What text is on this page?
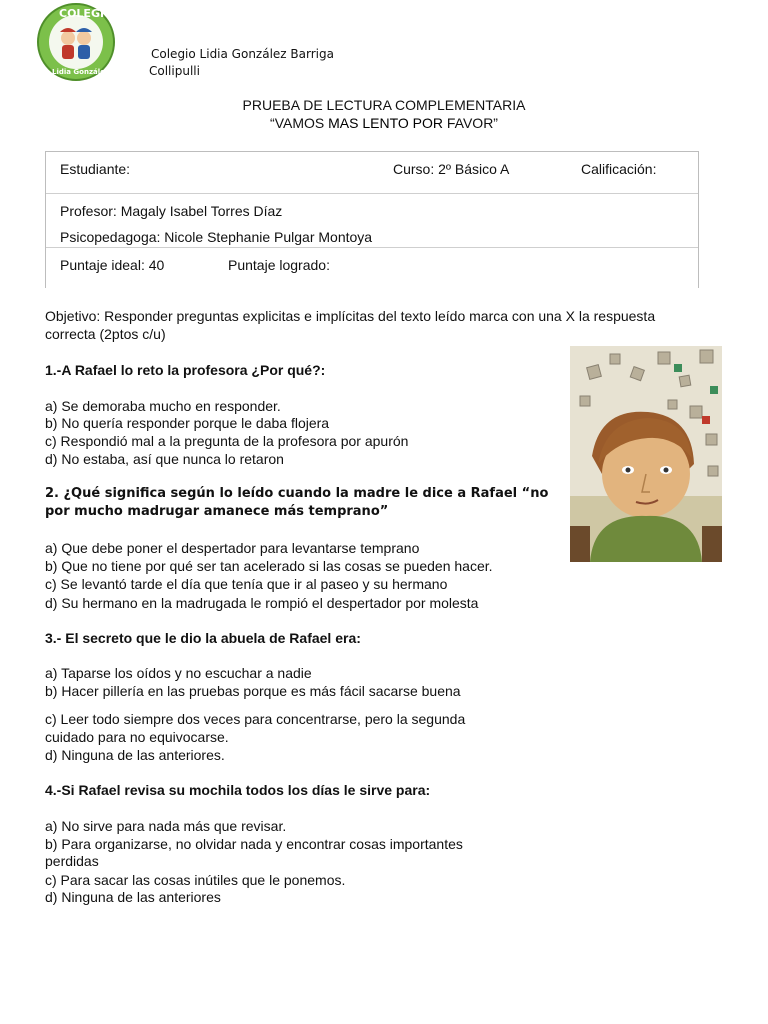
COLEGIO
Lidia González
Colegio Lidia González Barriga
Collipulli
PRUEBA DE LECTURA COMPLEMENTARIA
“VAMOS MAS LENTO POR FAVOR”
Estudiante:	Curso: 2º Básico A	Calificación:
Profesor: Magaly Isabel Torres Díaz
Psicopedagoga: Nicole Stephanie Pulgar Montoya
Puntaje ideal: 40	Puntaje logrado:
Objetivo: Responder preguntas explicitas e implícitas del texto leído marca con una X la respuesta
correcta (2ptos c/u)
1.-A Rafael lo reto la profesora ¿Por qué?:
a) Se demoraba mucho en responder.
b) No quería responder porque le daba flojera
c) Respondió mal a la pregunta de la profesora por apurón
d) No estaba, así que nunca lo retaron
2. ¿Qué significa según lo leído cuando la madre le dice a Rafael “no
por mucho madrugar amanece más temprano”
a) Que debe poner el despertador para levantarse temprano
b) Que no tiene por qué ser tan acelerado si las cosas se pueden hacer.
c) Se levantó tarde el día que tenía que ir al paseo y su hermano
d) Su hermano en la madrugada le rompió el despertador por molesta
3.- El secreto que le dio la abuela de Rafael era:
a) Taparse los oídos y no escuchar a nadie
b) Hacer pillería en las pruebas porque es más fácil sacarse buena
c) Leer todo siempre dos veces para concentrarse, pero la segunda
cuidado para no equivocarse.
d) Ninguna de las anteriores.
4.-Si Rafael revisa su mochila todos los días le sirve para:
a) No sirve para nada más que revisar.
b) Para organizarse, no olvidar nada y encontrar cosas importantes
perdidas
c) Para sacar las cosas inútiles que le ponemos.
d) Ninguna de las anteriores
